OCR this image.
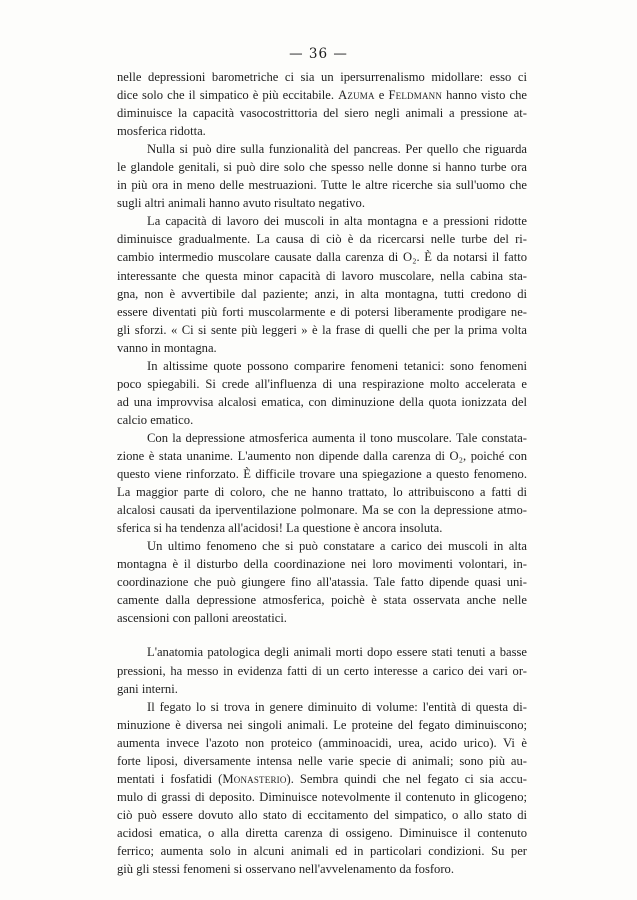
— 36 —

nelle depressioni barometriche ci sia un ipersurrenalismo midollare: esso ci
dice solo che il simpatico è più eccitabile. Azuma e Feldmann hanno visto che
diminuisce la capacità vasocostrittoria del siero negli animali a pressione at-
mosferica ridotta.

Nulla si può dire sulla funzionalità del pancreas. Per quello che riguarda
le glandole genitali, si può dire solo che spesso nelle donne si hanno turbe ora
in più ora in meno delle mestruazioni. Tutte le altre ricerche sia sull'uomo che
sugli altri animali hanno avuto risultato negativo.

La capacità di lavoro dei muscoli in alta montagna e a pressioni ridotte
diminuisce gradualmente. La causa di ciò è da ricercarsi nelle turbe del ri-
cambio intermedio muscolare causate dalla carenza di O₂. È da notarsi il fatto
interessante che questa minor capacità di lavoro muscolare, nella cabina sta-
gna, non è avvertibile dal paziente; anzi, in alta montagna, tutti credono di
essere diventati più forti muscolarmente e di potersi liberamente prodigare ne-
gli sforzi. « Ci si sente più leggeri » è la frase di quelli che per la prima volta
vanno in montagna.

In altissime quote possono comparire fenomeni tetanici: sono fenomeni
poco spiegabili. Si crede all'influenza di una respirazione molto accelerata e
ad una improvvisa alcalosi ematica, con diminuzione della quota ionizzata del
calcio ematico.

Con la depressione atmosferica aumenta il tono muscolare. Tale constata-
zione è stata unanime. L'aumento non dipende dalla carenza di O₂, poiché con
questo viene rinforzato. È difficile trovare una spiegazione a questo fenomeno.
La maggior parte di coloro, che ne hanno trattato, lo attribuiscono a fatti di
alcalosi causati da iperventilazione polmonare. Ma se con la depressione atmo-
sferica si ha tendenza all'acidosi! La questione è ancora insoluta.

Un ultimo fenomeno che si può constatare a carico dei muscoli in alta
montagna è il disturbo della coordinazione nei loro movimenti volontari, in-
coordinazione che può giungere fino all'atassia. Tale fatto dipende quasi uni-
camente dalla depressione atmosferica, poichè è stata osservata anche nelle
ascensioni con palloni areostatici.

L'anatomia patologica degli animali morti dopo essere stati tenuti a basse
pressioni, ha messo in evidenza fatti di un certo interesse a carico dei vari or-
gani interni.

Il fegato lo si trova in genere diminuito di volume: l'entità di questa di-
minuzione è diversa nei singoli animali. Le proteine del fegato diminuiscono;
aumenta invece l'azoto non proteico (amminoacidi, urea, acido urico). Vi è
forte liposi, diversamente intensa nelle varie specie di animali; sono più au-
mentati i fosfatidi (Monasterio). Sembra quindi che nel fegato ci sia accu-
mulo di grassi di deposito. Diminuisce notevolmente il contenuto in glicogeno;
ciò può essere dovuto allo stato di eccitamento del simpatico, o allo stato di
acidosi ematica, o alla diretta carenza di ossigeno. Diminuisce il contenuto
ferrico; aumenta solo in alcuni animali ed in particolari condizioni. Su per
giù gli stessi fenomeni si osservano nell'avvelenamento da fosforo.
